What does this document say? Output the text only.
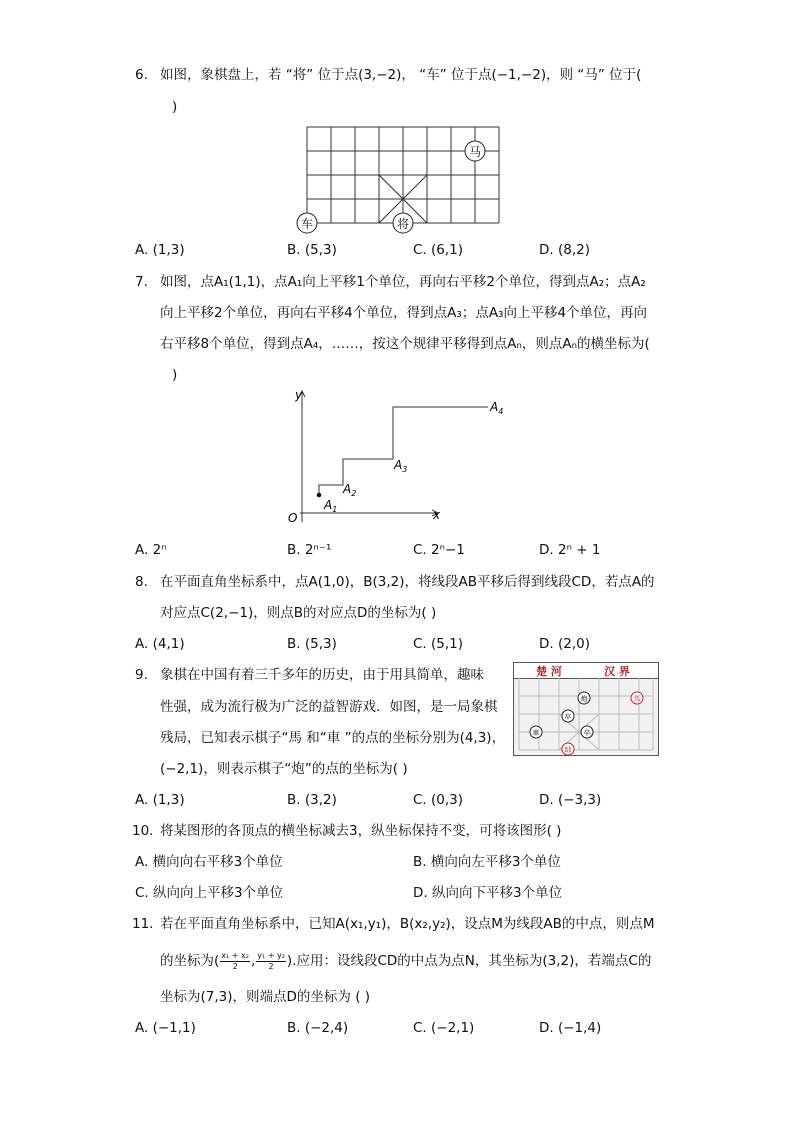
6. 如图，象棋盘上，若 “将” 位于点(3,−2)， “车” 位于点(−1,−2)，则 “马” 位于(
)
马
车	将
A. (1,3)	B. (5,3)	C. (6,1)	D. (8,2)
7. 如图，点A₁(1,1)，点A₁向上平移1个单位，再向右平移2个单位，得到点A₂；点A₂
向上平移2个单位，再向右平移4个单位，得到点A₃；点A₃向上平移4个单位，再向
右平移8个单位，得到点A₄，……，按这个规律平移得到点Aₙ，则点Aₙ的横坐标为(
)
y
x
O
$A_1$
$A_2$
$A_3$
$A_4$
A. 2ⁿ	B. 2ⁿ⁻¹	C. 2ⁿ−1	D. 2ⁿ + 1
8. 在平面直角坐标系中，点A(1,0)，B(3,2)，将线段AB平移后得到线段CD，若点A的
对应点C(2,−1)，则点B的对应点D的坐标为( )
A. (4,1)	B. (5,3)	C. (5,1)	D. (2,0)
9. 象棋在中国有着三千多年的历史，由于用具简单，趣味
性强，成为流行极为广泛的益智游戏．如图，是一局象棋
残局，已知表示棋子“馬 和“車 ”的点的坐标分别为(4,3)，
(−2,1)，则表示棋子“炮”的点的坐标为( )
楚 河	汉 界
炮	馬
卒
卒
車
帥
A. (1,3)	B. (3,2)	C. (0,3)	D. (−3,3)
10. 将某图形的各顶点的横坐标减去3，纵坐标保持不变，可将该图形( )
A. 横向向右平移3个单位	B. 横向向左平移3个单位
C. 纵向向上平移3个单位	D. 纵向向下平移3个单位
11. 若在平面直角坐标系中，已知A(x₁,y₁)，B(x₂,y₂)，设点M为线段AB的中点，则点M
的坐标为( x₁ + x₂
2 , y₁ + y₂
2 ).应用：设线段CD的中点为点N，其坐标为(3,2)，若端点C的
坐标为(7,3)，则端点D的坐标为 ( )
A. (−1,1)	B. (−2,4)	C. (−2,1)	D. (−1,4)
